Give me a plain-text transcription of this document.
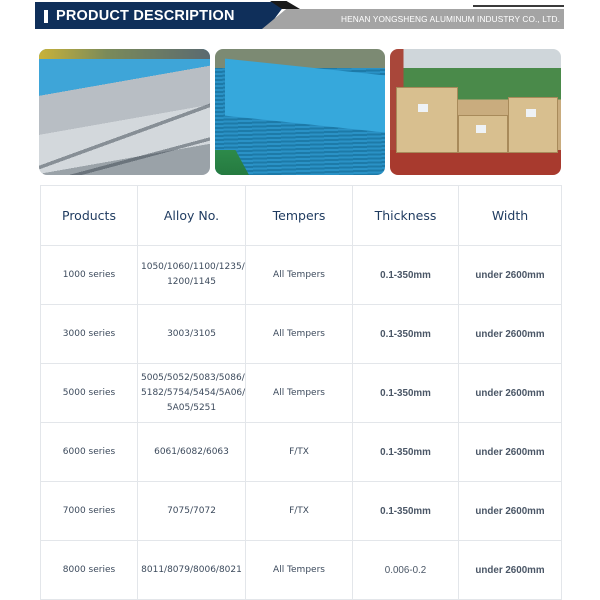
PRODUCT DESCRIPTION	HENAN YONGSHENG ALUMINUM INDUSTRY CO., LTD.
Products	Alloy No.	Tempers	Thickness	Width
1000 series	1050/1060/1100/1235/ 1200/1145	All Tempers	0.1-350mm	under 2600mm
3000 series	3003/3105	All Tempers	0.1-350mm	under 2600mm
5000 series	5005/5052/5083/5086/ 5182/5754/5454/5A06/ 5A05/5251	All Tempers	0.1-350mm	under 2600mm
6000 series	6061/6082/6063	F/TX	0.1-350mm	under 2600mm
7000 series	7075/7072	F/TX	0.1-350mm	under 2600mm
8000 series	8011/8079/8006/8021	All Tempers	0.006-0.2	under 2600mm
